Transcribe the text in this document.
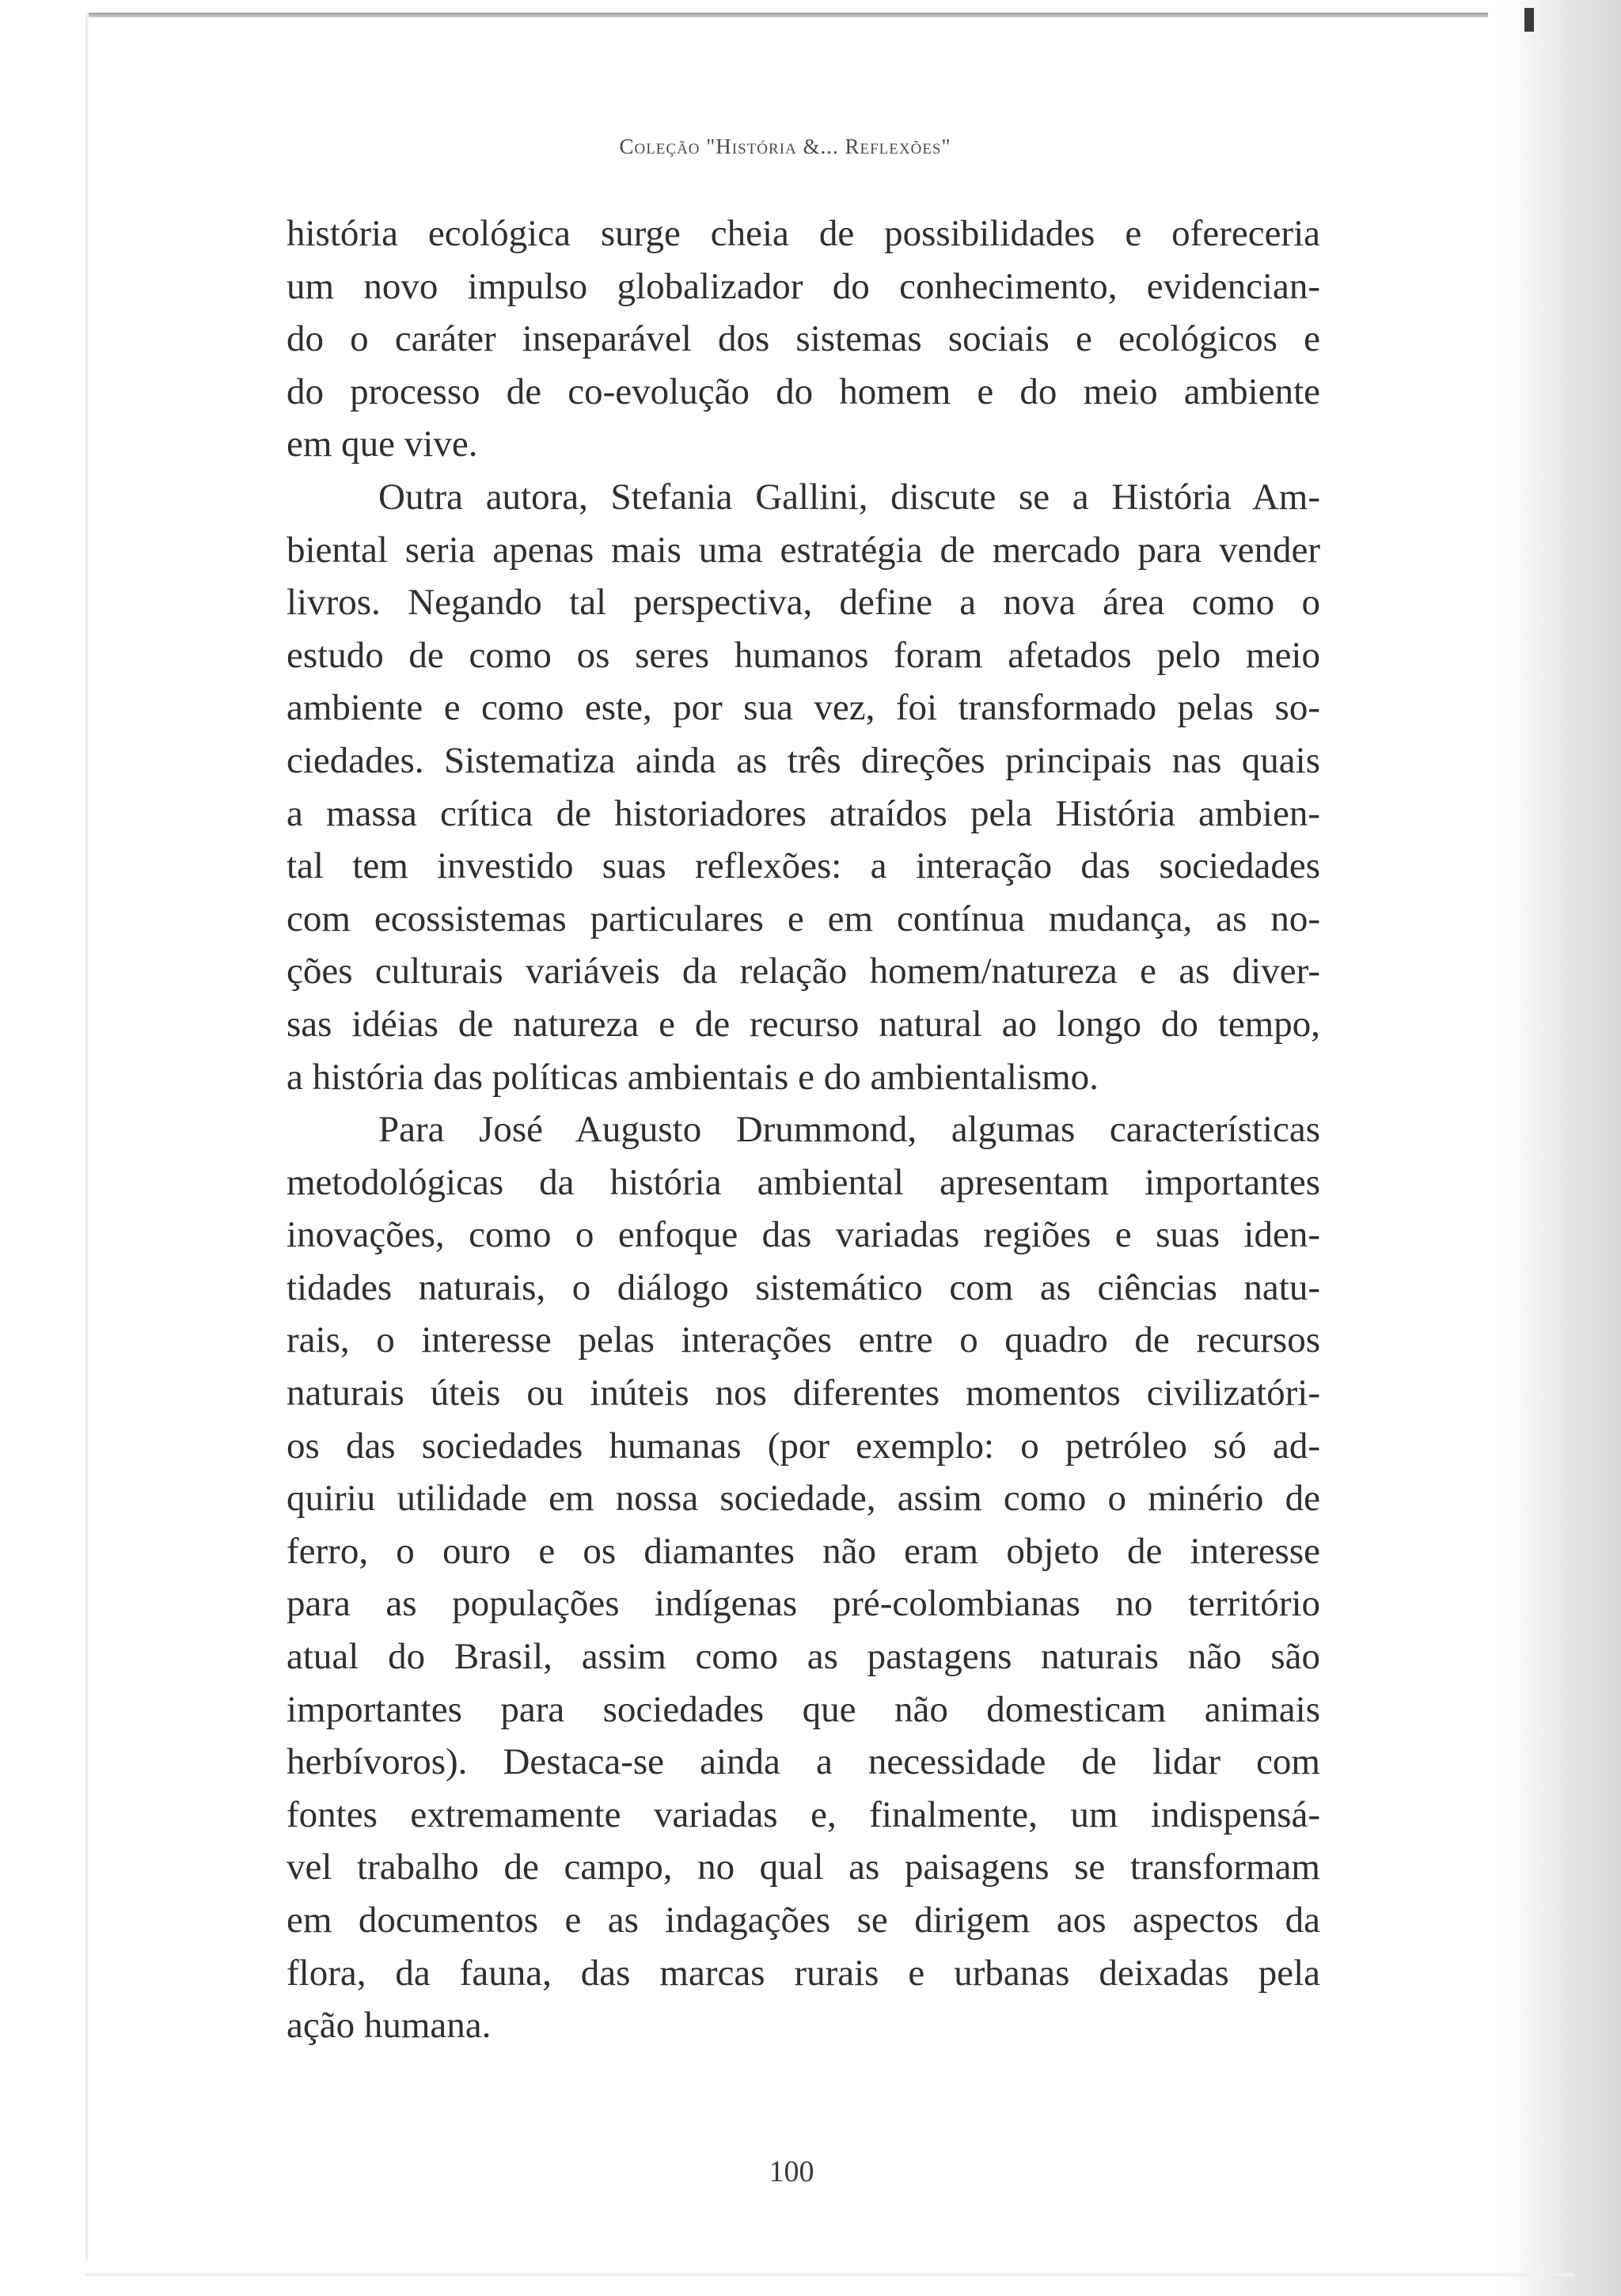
Coleção "História &... Reflexões"
história ecológica surge cheia de possibilidades e ofereceria
um novo impulso globalizador do conhecimento, evidencian-
do o caráter inseparável dos sistemas sociais e ecológicos e
do processo de co-evolução do homem e do meio ambiente
em que vive.
Outra autora, Stefania Gallini, discute se a História Am-
biental seria apenas mais uma estratégia de mercado para vender
livros. Negando tal perspectiva, define a nova área como o
estudo de como os seres humanos foram afetados pelo meio
ambiente e como este, por sua vez, foi transformado pelas so-
ciedades. Sistematiza ainda as três direções principais nas quais
a massa crítica de historiadores atraídos pela História ambien-
tal tem investido suas reflexões: a interação das sociedades
com ecossistemas particulares e em contínua mudança, as no-
ções culturais variáveis da relação homem/natureza e as diver-
sas idéias de natureza e de recurso natural ao longo do tempo,
a história das políticas ambientais e do ambientalismo.
Para José Augusto Drummond, algumas características
metodológicas da história ambiental apresentam importantes
inovações, como o enfoque das variadas regiões e suas iden-
tidades naturais, o diálogo sistemático com as ciências natu-
rais, o interesse pelas interações entre o quadro de recursos
naturais úteis ou inúteis nos diferentes momentos civilizatóri-
os das sociedades humanas (por exemplo: o petróleo só ad-
quiriu utilidade em nossa sociedade, assim como o minério de
ferro, o ouro e os diamantes não eram objeto de interesse
para as populações indígenas pré-colombianas no território
atual do Brasil, assim como as pastagens naturais não são
importantes para sociedades que não domesticam animais
herbívoros). Destaca-se ainda a necessidade de lidar com
fontes extremamente variadas e, finalmente, um indispensá-
vel trabalho de campo, no qual as paisagens se transformam
em documentos e as indagações se dirigem aos aspectos da
flora, da fauna, das marcas rurais e urbanas deixadas pela
ação humana.
100
